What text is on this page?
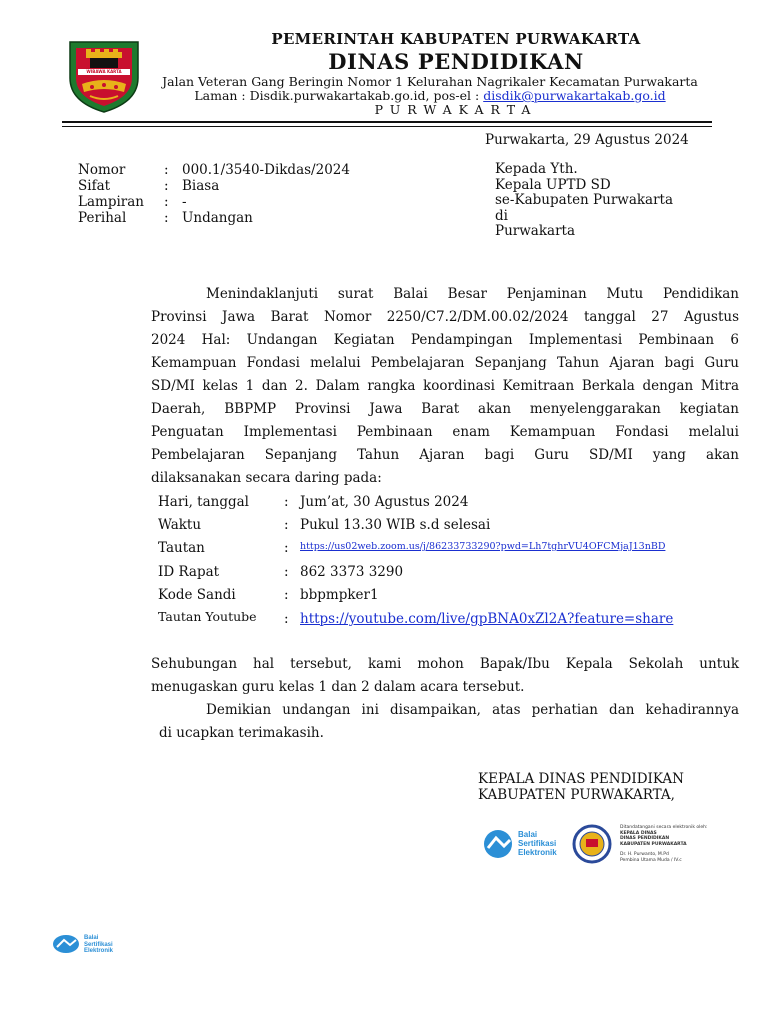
WIBAWA KARTA RAHARJA
PEMERINTAH KABUPATEN PURWAKARTA
DINAS PENDIDIKAN
Jalan Veteran Gang Beringin Nomor 1 Kelurahan Nagrikaler Kecamatan Purwakarta
Laman : Disdik.purwakartakab.go.id, pos-el : disdik@purwakartakab.go.id
PURWAKARTA
Purwakarta, 29 Agustus 2024
Nomor	: 000.1/3540-Dikdas/2024
Sifat	: Biasa
Lampiran : -
Perihal	: Undangan
Kepada Yth.
Kepala UPTD SD
se-Kabupaten Purwakarta
di
Purwakarta
Menindaklanjuti surat Balai Besar Penjaminan Mutu Pendidikan
Provinsi Jawa Barat Nomor 2250/C7.2/DM.00.02/2024 tanggal 27 Agustus
2024 Hal: Undangan Kegiatan Pendampingan Implementasi Pembinaan 6
Kemampuan Fondasi melalui Pembelajaran Sepanjang Tahun Ajaran bagi Guru
SD/MI kelas 1 dan 2. Dalam rangka koordinasi Kemitraan Berkala dengan Mitra
Daerah, BBPMP Provinsi Jawa Barat akan menyelenggarakan kegiatan
Penguatan Implementasi Pembinaan enam Kemampuan Fondasi melalui
Pembelajaran Sepanjang Tahun Ajaran bagi Guru SD/MI yang akan
dilaksanakan secara daring pada:
Hari, tanggal	: Jum’at, 30 Agustus 2024
Waktu	: Pukul 13.30 WIB s.d selesai
Tautan	: $^{https://us02web.zoom.us/j/86233733290?pwd=Lh7tghrVU4OFCMjaJ13nBD}$
ID Rapat	: 862 3373 3290
Kode Sandi	: bbpmpker1
Tautan Youtube : https://youtube.com/live/gpBNA0xZl2A?feature=share
Sehubungan hal tersebut, kami mohon Bapak/Ibu Kepala Sekolah untuk
menugaskan guru kelas 1 dan 2 dalam acara tersebut.
Demikian undangan ini disampaikan, atas perhatian dan kehadirannya
di ucapkan terimakasih.
KEPALA DINAS PENDIDIKAN
KABUPATEN PURWAKARTA,
Balai
Sertifikasi
Elektronik
Ditandatangani secara elektronik oleh:
KEPALA DINAS
DINAS PENDIDIKAN
KABUPATEN PURWAKARTA
Dr. H. Purwanto, M.Pd
Pembina Utama Muda / IV.c
Balai
Sertifikasi
Elektronik
